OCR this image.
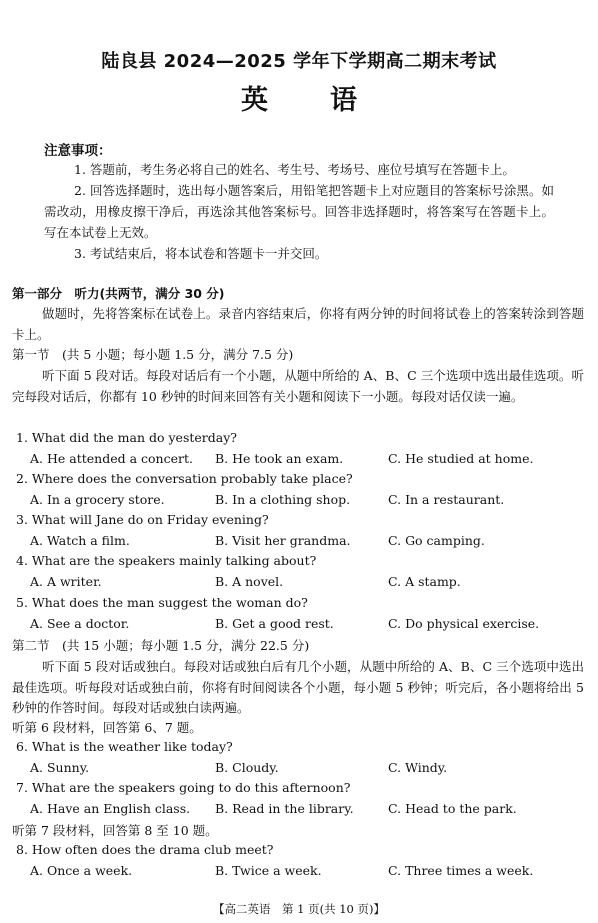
陆良县 2024—2025 学年下学期高二期末考试
英语
注意事项：
1. 答题前，考生务必将自己的姓名、考生号、考场号、座位号填写在答题卡上。
2. 回答选择题时，选出每小题答案后，用铅笔把答题卡上对应题目的答案标号涂黑。如需改动，用橡皮擦干净后，再选涂其他答案标号。回答非选择题时，将答案写在答题卡上。写在本试卷上无效。
3. 考试结束后，将本试卷和答题卡一并交回。
第一部分　听力(共两节，满分 30 分)
做题时，先将答案标在试卷上。录音内容结束后，你将有两分钟的时间将试卷上的答案转涂到答题卡上。
第一节　(共 5 小题；每小题 1.5 分，满分 7.5 分)
听下面 5 段对话。每段对话后有一个小题，从题中所给的 A、B、C 三个选项中选出最佳选项。听完每段对话后，你都有 10 秒钟的时间来回答有关小题和阅读下一小题。每段对话仅读一遍。
1. What did the man do yesterday?
A. He attended a concert. B. He took an exam.	C. He studied at home.
2. Where does the conversation probably take place?
A. In a grocery store.	B. In a clothing shop.	C. In a restaurant.
3. What will Jane do on Friday evening?
A. Watch a film.	B. Visit her grandma.	C. Go camping.
4. What are the speakers mainly talking about?
A. A writer.	B. A novel.	C. A stamp.
5. What does the man suggest the woman do?
A. See a doctor.	B. Get a good rest.	C. Do physical exercise.
第二节　(共 15 小题；每小题 1.5 分，满分 22.5 分)
听下面 5 段对话或独白。每段对话或独白后有几个小题，从题中所给的 A、B、C 三个选项中选出最佳选项。听每段对话或独白前，你将有时间阅读各个小题，每小题 5 秒钟；听完后，各小题将给出 5 秒钟的作答时间。每段对话或独白读两遍。
听第 6 段材料，回答第 6、7 题。
6. What is the weather like today?
A. Sunny.	B. Cloudy.	C. Windy.
7. What are the speakers going to do this afternoon?
A. Have an English class. B. Read in the library.	C. Head to the park.
听第 7 段材料，回答第 8 至 10 题。
8. How often does the drama club meet?
A. Once a week.	B. Twice a week.	C. Three times a week.
【高二英语　第 1 页(共 10 页)】
